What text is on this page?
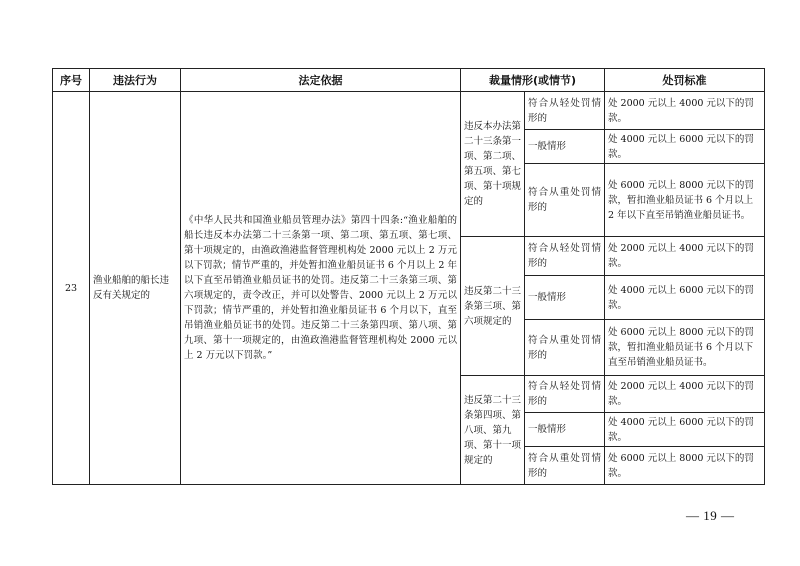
序号	违法行为	法定依据	裁量情形(或情节)		处罚标准
23	渔业船舶的船长违反有关规定的	《中华人民共和国渔业船员管理办法》第四十四条:“渔业船舶的船长违反本办法第二十三条第一项、第二项、第五项、第七项、第十项规定的，由渔政渔港监督管理机构处 2000 元以上 2 万元以下罚款；情节严重的，并处暂扣渔业船员证书 6 个月以上 2 年以下直至吊销渔业船员证书的处罚。违反第二十三条第三项、第六项规定的，责令改正，并可以处警告、2000 元以上 2 万元以下罚款；情节严重的，并处暂扣渔业船员证书 6 个月以下，直至吊销渔业船员证书的处罚。违反第二十三条第四项、第八项、第九项、第十一项规定的，由渔政渔港监督管理机构处 2000 元以上 2 万元以下罚款。”	违反本办法第二十三条第一项、第二项、第五项、第七项、第十项规定的	符合从轻处罚情形的	处 2000 元以上 4000 元以下的罚款。
				一般情形	处 4000 元以上 6000 元以下的罚款。
				符合从重处罚情形的	处 6000 元以上 8000 元以下的罚款，暂扣渔业船员证书 6 个月以上 2 年以下直至吊销渔业船员证书。
			违反第二十三条第三项、第六项规定的	符合从轻处罚情形的	处 2000 元以上 4000 元以下的罚款。
				一般情形	处 4000 元以上 6000 元以下的罚款。
				符合从重处罚情形的	处 6000 元以上 8000 元以下的罚款，暂扣渔业船员证书 6 个月以下直至吊销渔业船员证书。
			违反第二十三条第四项、第八项、第九项、第十一项规定的	符合从轻处罚情形的	处 2000 元以上 4000 元以下的罚款。
				一般情形	处 4000 元以上 6000 元以下的罚款。
				符合从重处罚情形的	处 6000 元以上 8000 元以下的罚款。
— 19 —
